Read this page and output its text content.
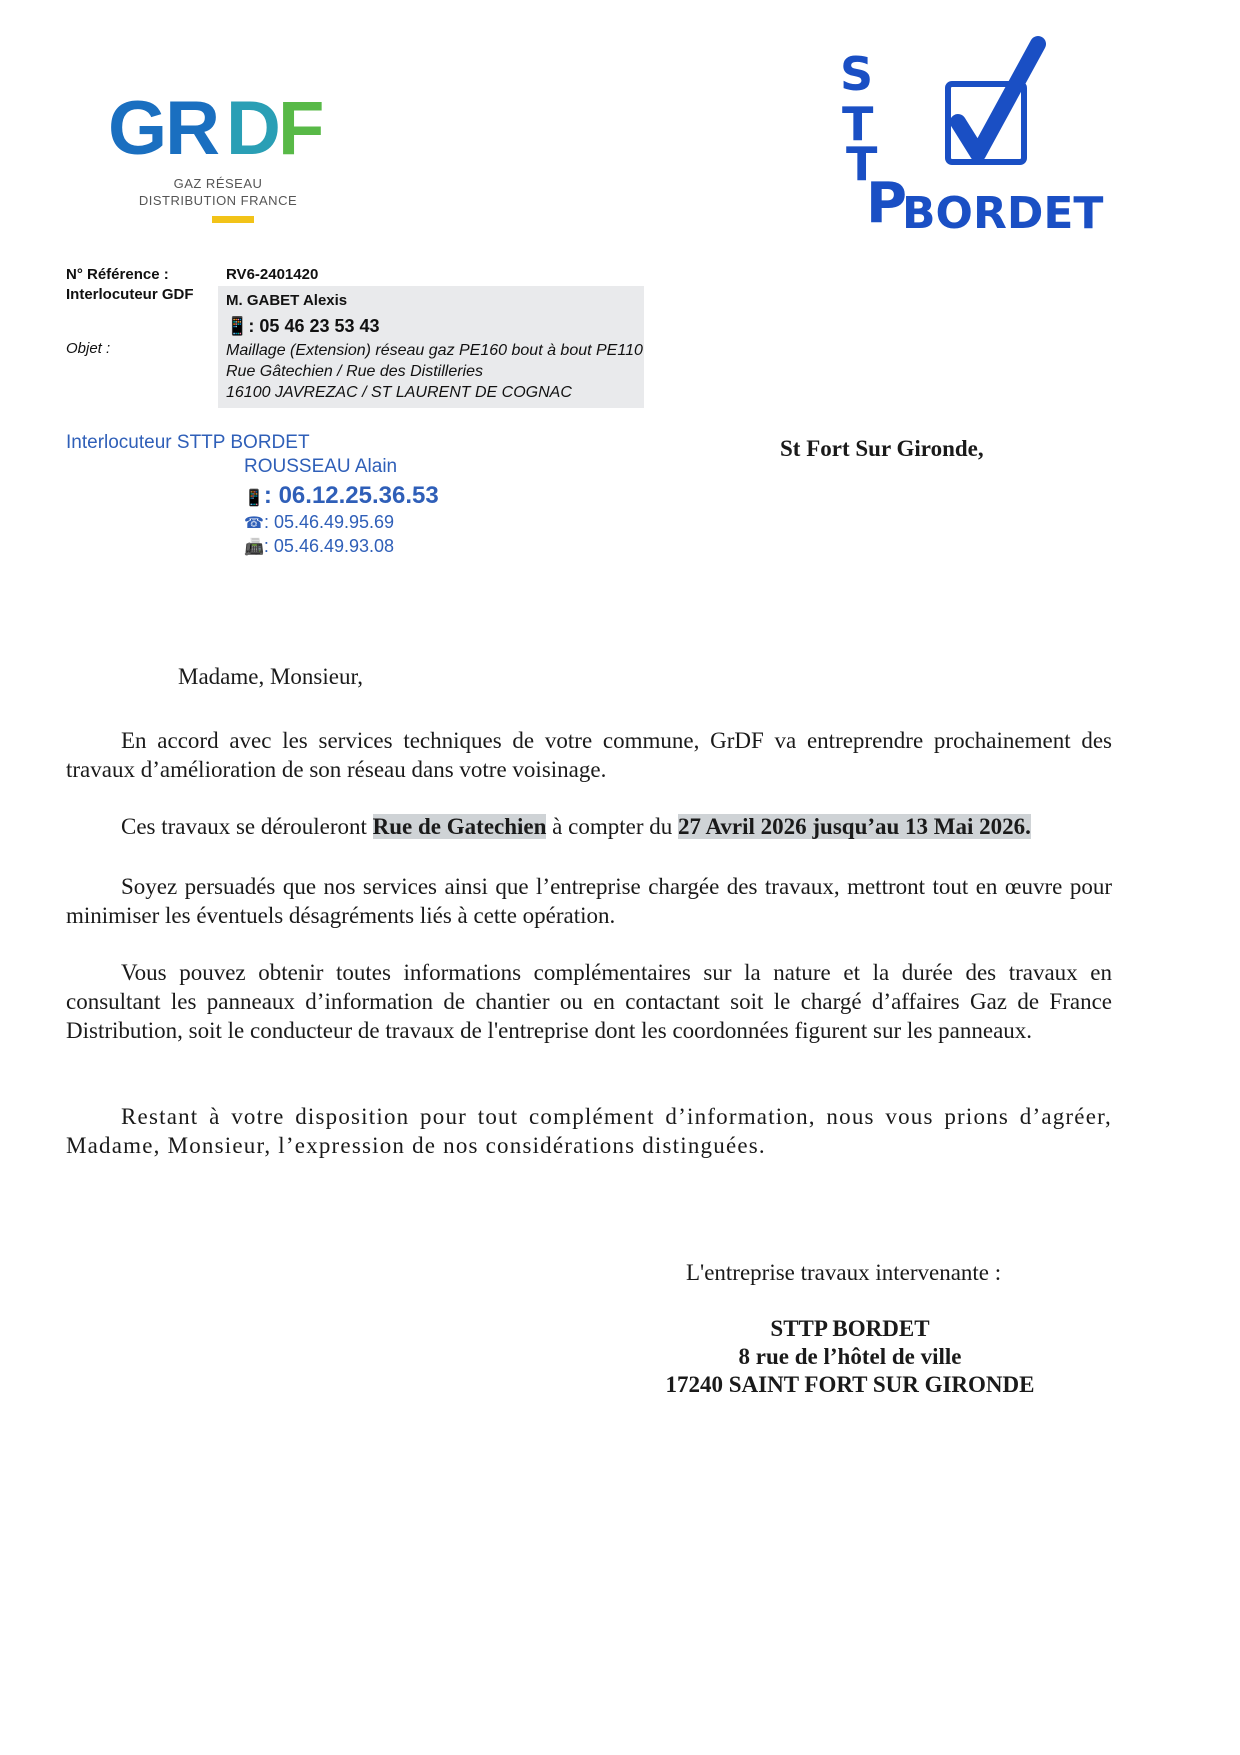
GR D F
GAZ RÉSEAU
DISTRIBUTION FRANCE
S
T
T
P
BORDET
N° Référence :	RV6-2401420
Interlocuteur GDF M. GABET Alexis
📱: 05 46 23 53 43
Objet :	Maillage (Extension) réseau gaz PE160 bout à bout PE110
Rue Gâtechien / Rue des Distilleries
16100 JAVREZAC / ST LAURENT DE COGNAC
Interlocuteur STTP BORDET
ROUSSEAU Alain
📱: 06.12.25.36.53
☎: 05.46.49.95.69
📠: 05.46.49.93.08
St Fort Sur Gironde,
Madame, Monsieur,
En accord avec les services techniques de votre commune, GrDF va entreprendre prochainement des travaux d’amélioration de son réseau dans votre voisinage.
Ces travaux se dérouleront Rue de Gatechien à compter du 27 Avril 2026 jusqu’au 13 Mai 2026.
Soyez persuadés que nos services ainsi que l’entreprise chargée des travaux, mettront tout en œuvre pour minimiser les éventuels désagréments liés à cette opération.
Vous pouvez obtenir toutes informations complémentaires sur la nature et la durée des travaux en consultant les panneaux d’information de chantier ou en contactant soit le chargé d’affaires Gaz de France Distribution, soit le conducteur de travaux de l'entreprise dont les coordonnées figurent sur les panneaux.
Restant à votre disposition pour tout complément d’information, nous vous prions d’agréer, Madame, Monsieur, l’expression de nos considérations distinguées.
L'entreprise travaux intervenante :
STTP BORDET
8 rue de l’hôtel de ville
17240 SAINT FORT SUR GIRONDE
